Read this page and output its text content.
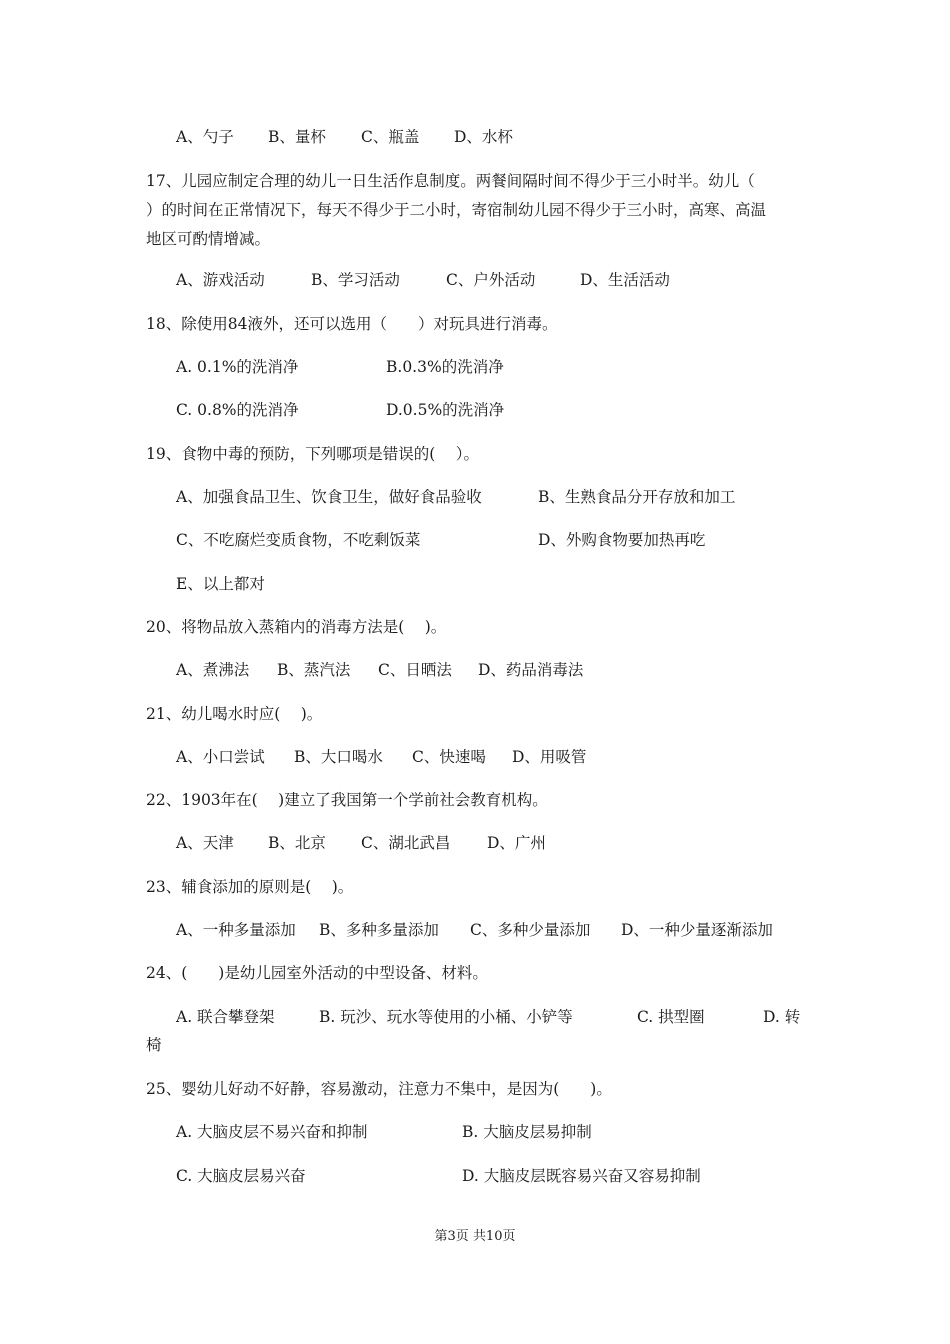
A、勺子 B、量杯 C、瓶盖 D、水杯
17、儿园应制定合理的幼儿一日生活作息制度。两餐间隔时间不得少于三小时半。幼儿（
）的时间在正常情况下，每天不得少于二小时，寄宿制幼儿园不得少于三小时，高寒、高温
地区可酌情增减。
A、游戏活动	B、学习活动	C、户外活动	D、生活活动
18、除使用84液外，还可以选用（　　）对玩具进行消毒。
A. 0.1%的洗消净	B.0.3%的洗消净
C. 0.8%的洗消净	D.0.5%的洗消净
19、食物中毒的预防，下列哪项是错误的(　 ）。
A、加强食品卫生、饮食卫生，做好食品验收	B、生熟食品分开存放和加工
C、不吃腐烂变质食物，不吃剩饭菜	D、外购食物要加热再吃
E、以上都对
20、将物品放入蒸箱内的消毒方法是(　 )。
A、煮沸法 B、蒸汽法 C、日晒法 D、药品消毒法
21、幼儿喝水时应(　 )。
A、小口尝试 B、大口喝水 C、快速喝 D、用吸管
22、1903年在(　 )建立了我国第一个学前社会教育机构。
A、天津 B、北京 C、湖北武昌 D、广州
23、辅食添加的原则是(　 )。
A、一种多量添加 B、多种多量添加 C、多种少量添加 D、一种少量逐渐添加
24、(　　)是幼儿园室外活动的中型设备、材料。
A. 联合攀登架	B. 玩沙、玩水等使用的小桶、小铲等	C. 拱型圈	D. 转
椅
25、婴幼儿好动不好静，容易激动，注意力不集中，是因为(　　)。
A. 大脑皮层不易兴奋和抑制	B. 大脑皮层易抑制
C. 大脑皮层易兴奋	D. 大脑皮层既容易兴奋又容易抑制
第3页 共10页
